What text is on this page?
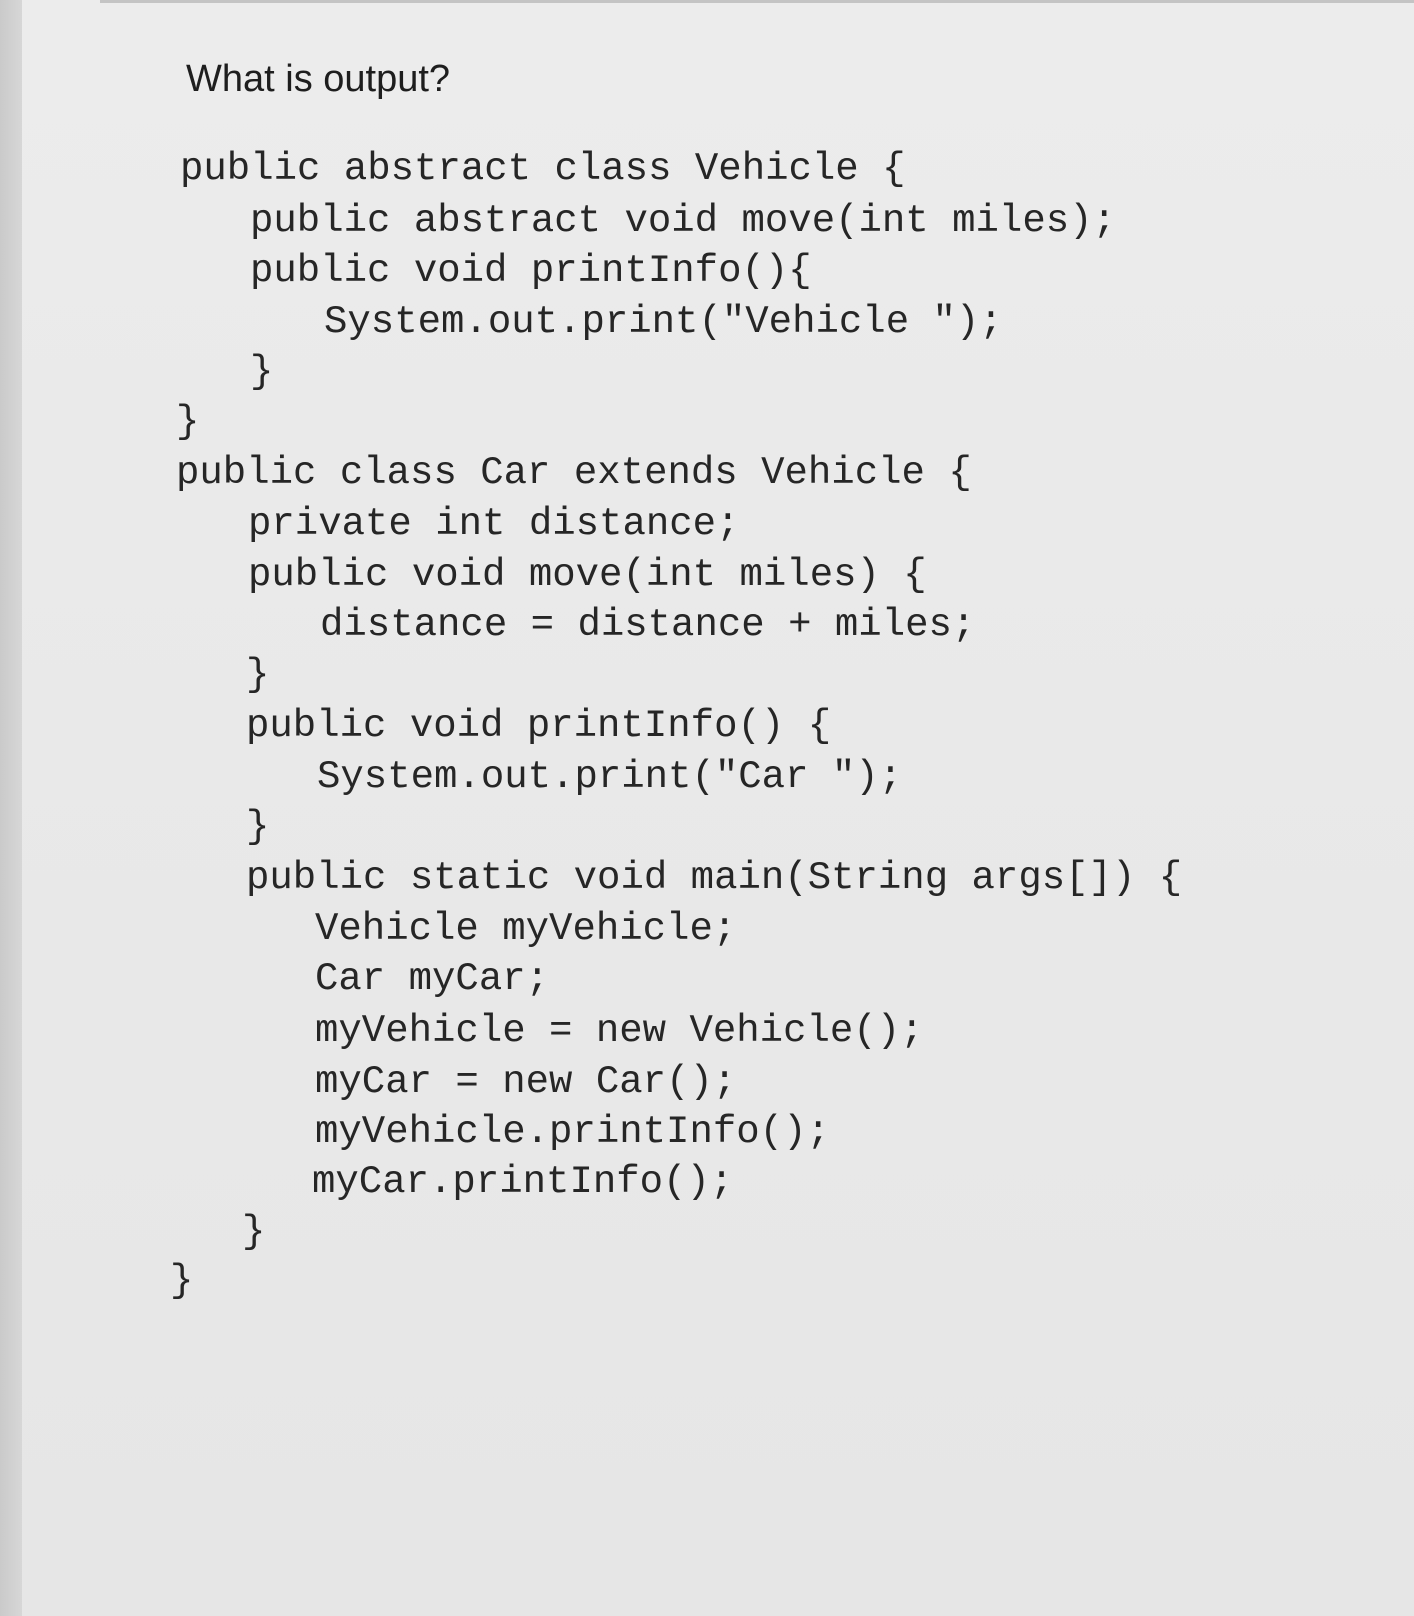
What is output?
public abstract class Vehicle {
public abstract void move(int miles);
public void printInfo(){
System.out.print("Vehicle ");
}
}
public class Car extends Vehicle {
private int distance;
public void move(int miles) {
distance = distance + miles;
}
public void printInfo() {
System.out.print("Car ");
}
public static void main(String args[]) {
Vehicle myVehicle;
Car myCar;
myVehicle = new Vehicle();
myCar = new Car();
myVehicle.printInfo();
myCar.printInfo();
}
}
